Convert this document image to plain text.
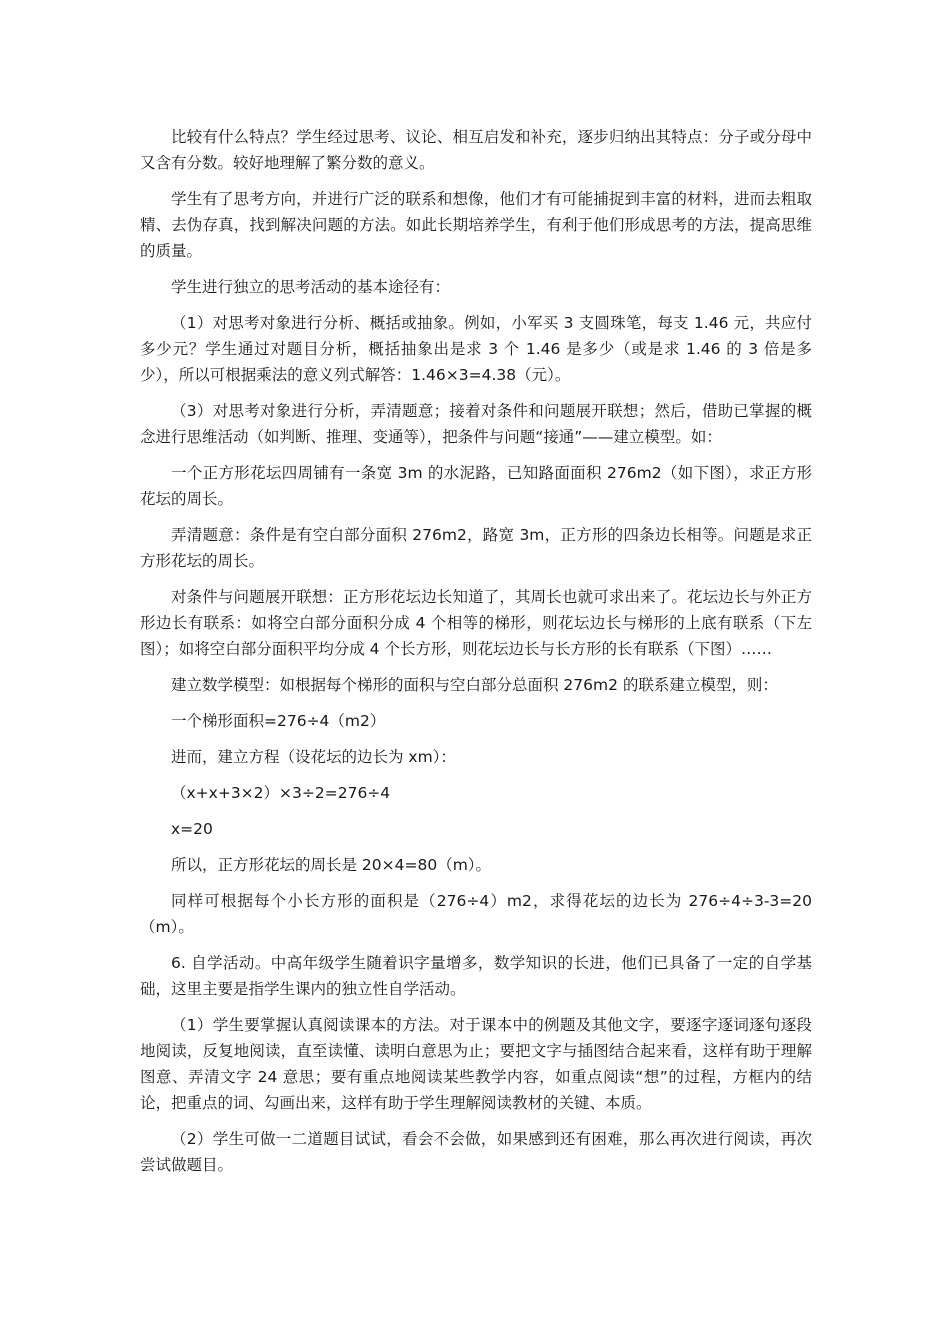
比较有什么特点？学生经过思考、议论、相互启发和补充，逐步归纳出其特点：分子或分母中又含有分数。较好地理解了繁分数的意义。

学生有了思考方向，并进行广泛的联系和想像，他们才有可能捕捉到丰富的材料，进而去粗取精、去伪存真，找到解决问题的方法。如此长期培养学生，有利于他们形成思考的方法，提高思维的质量。

学生进行独立的思考活动的基本途径有：

（1）对思考对象进行分析、概括或抽象。例如，小军买 3 支圆珠笔，每支 1.46 元，共应付多少元？学生通过对题目分析，概括抽象出是求 3 个 1.46 是多少（或是求 1.46 的 3 倍是多少），所以可根据乘法的意义列式解答：1.46×3=4.38（元）。

（3）对思考对象进行分析，弄清题意；接着对条件和问题展开联想；然后，借助已掌握的概念进行思维活动（如判断、推理、变通等），把条件与问题“接通”——建立模型。如：

一个正方形花坛四周铺有一条宽 3m 的水泥路，已知路面面积 276m2（如下图），求正方形花坛的周长。

弄清题意：条件是有空白部分面积 276m2，路宽 3m，正方形的四条边长相等。问题是求正方形花坛的周长。

对条件与问题展开联想：正方形花坛边长知道了，其周长也就可求出来了。花坛边长与外正方形边长有联系：如将空白部分面积分成 4 个相等的梯形，则花坛边长与梯形的上底有联系（下左图）；如将空白部分面积平均分成 4 个长方形，则花坛边长与长方形的长有联系（下图）……

建立数学模型：如根据每个梯形的面积与空白部分总面积 276m2 的联系建立模型，则：

一个梯形面积=276÷4（m2）

进而，建立方程（设花坛的边长为 xm）：

（x+x+3×2）×3÷2=276÷4

x=20

所以，正方形花坛的周长是 20×4=80（m）。

同样可根据每个小长方形的面积是（276÷4）m2，求得花坛的边长为 276÷4÷3-3=20（m）。

6. 自学活动。中高年级学生随着识字量增多，数学知识的长进，他们已具备了一定的自学基础，这里主要是指学生课内的独立性自学活动。

（1）学生要掌握认真阅读课本的方法。对于课本中的例题及其他文字，要逐字逐词逐句逐段地阅读，反复地阅读，直至读懂、读明白意思为止；要把文字与插图结合起来看，这样有助于理解图意、弄清文字 24 意思；要有重点地阅读某些教学内容，如重点阅读“想”的过程，方框内的结论，把重点的词、勾画出来，这样有助于学生理解阅读教材的关键、本质。

（2）学生可做一二道题目试试，看会不会做，如果感到还有困难，那么再次进行阅读，再次尝试做题目。
